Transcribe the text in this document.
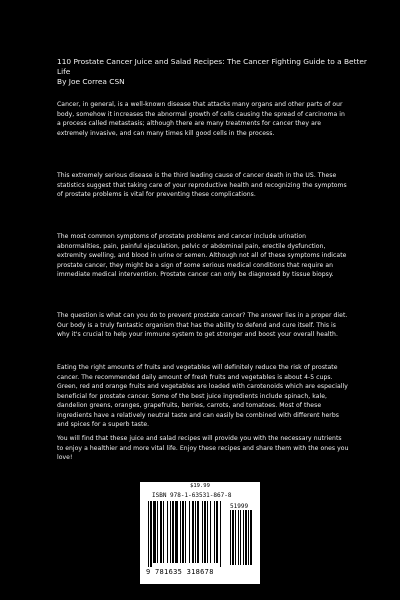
110 Prostate Cancer Juice and Salad Recipes: The Cancer Fighting Guide to a Better
Life
By Joe Correa CSN

Cancer, in general, is a well-known disease that attacks many organs and other parts of our body, somehow it increases the abnormal growth of cells causing the spread of carcinoma in a process called metastasis; although there are many treatments for cancer they are extremely invasive, and can many times kill good cells in the process.

This extremely serious disease is the third leading cause of cancer death in the US. These statistics suggest that taking care of your reproductive health and recognizing the symptoms of prostate problems is vital for preventing these complications.

The most common symptoms of prostate problems and cancer include urination abnormalities, pain, painful ejaculation, pelvic or abdominal pain, erectile dysfunction, extremity swelling, and blood in urine or semen. Although not all of these symptoms indicate prostate cancer, they might be a sign of some serious medical conditions that require an immediate medical intervention. Prostate cancer can only be diagnosed by tissue biopsy.

The question is what can you do to prevent prostate cancer? The answer lies in a proper diet. Our body is a truly fantastic organism that has the ability to defend and cure itself. This is why it's crucial to help your immune system to get stronger and boost your overall health.

Eating the right amounts of fruits and vegetables will definitely reduce the risk of prostate cancer. The recommended daily amount of fresh fruits and vegetables is about 4-5 cups. Green, red and orange fruits and vegetables are loaded with carotenoids which are especially beneficial for prostate cancer. Some of the best juice ingredients include spinach, kale, dandelion greens, oranges, grapefruits, berries, carrots, and tomatoes. Most of these ingredients have a relatively neutral taste and can easily be combined with different herbs and spices for a superb taste.

You will find that these juice and salad recipes will provide you with the necessary nutrients to enjoy a healthier and more vital life. Enjoy these recipes and share them with the ones you love!

$19.99
ISBN 978-1-63531-867-8
51999
9 781635 318678
